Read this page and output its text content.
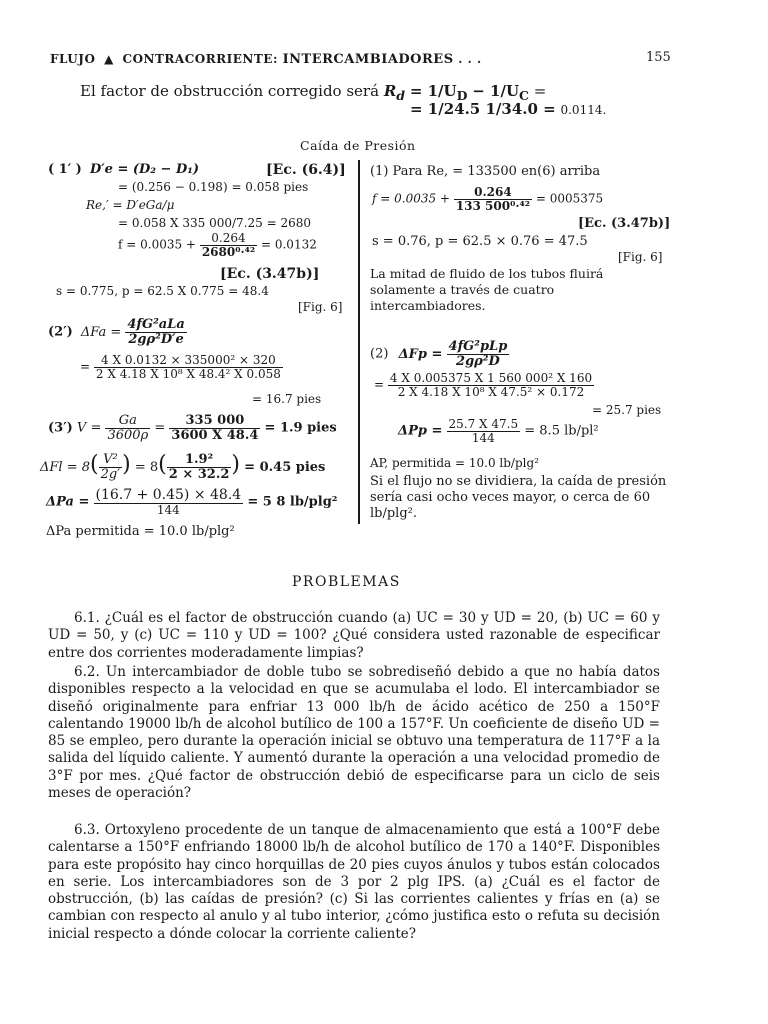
FLUJO ▲ CONTRACORRIENTE: INTERCAMBIADORES . . .	155
El factor de obstrucción corregido será $R_d = 1/U_D - 1/U_C$ =
= 1/24.5 1/34.0 = 0.0114.
Caída de Presión
( 1′ ) D′e = (D₂ − D₁)	[Ec. (6.4)]
= (0.256 − 0.198) = 0.058 pies
Re,′ = D′eGa/μ
= 0.058 X 335 000/7.25 = 2680
$f = 0.0035 + \frac{0.264}{\text{2680⁰·⁴²}} = 0.0132$
[Ec. (3.47b)]
s = 0.775, p = 62.5 X 0.775 = 48.4
[Fig. 6]
(2′) $\Delta Fa = \frac{\text{4fG²aLa}}{\text{2gρ²D′e}}$
= $\frac{\text{4 X 0.0132 × 335000² × 320}}{\text{2 X 4.18 X 10⁸ X 48.4² X 0.058}}$
= 16.7 pies
(3′) $V = \frac{Ga}{3600\rho} = \frac{335 000}{3600 X 48.4} = 1.9$ pies
$\Delta Fl = 8( \frac{\text{V²}}{2g'}$ ) = $8( \frac{\text{1.9²}}{2 \times 32.2}$ ) = 0.45 pies
$\Delta Pa = \frac{(16.7 + 0.45) \times 48.4}{144} = 5$ 8 lb/plg²
ΔPa permitida = 10.0 lb/plg²
(1) Para Re, = 133500 en(6) arriba
$f = 0.0035 + \frac{0.264}{\text{133 500⁰·⁴²}} = 0005375$
[Ec. (3.47b)]
s = 0.76, p = 62.5 × 0.76 = 47.5
[Fig. 6]
La mitad de fluido de los tubos fluirá solamente a través de cuatro intercambiadores.
(2) $\Delta Fp = \frac{\text{4fG²pLp}}{\text{2gρ²D}}$
= $\frac{\text{4 X 0.005375 X 1 560 000² X 160}}{\text{2 X 4.18 X 10⁸ X 47.5² × 0.172}}$
= 25.7 pies
$\Delta Pp = \frac{25.7 X 47.5}{144} = 8.5$ lb/pl²
AP, permitida = 10.0 lb/plg²
Si el flujo no se dividiera, la caída de presión sería casi ocho veces mayor, o cerca de 60 lb/plg².
PROBLEMAS
6.1. ¿Cuál es el factor de obstrucción cuando (a) UC = 30 y UD = 20, (b) UC = 60 y UD = 50, y (c) UC = 110 y UD = 100? ¿Qué considera usted razonable de especificar entre dos corrientes moderadamente limpias?
6.2. Un intercambiador de doble tubo se sobrediseñó debido a que no había datos disponibles respecto a la velocidad en que se acumulaba el lodo. El intercambiador se diseñó originalmente para enfriar 13 000 lb/h de ácido acético de 250 a 150°F calentando 19000 lb/h de alcohol butílico de 100 a 157°F. Un coeficiente de diseño UD = 85 se empleo, pero durante la operación inicial se obtuvo una temperatura de 117°F a la salida del líquido caliente. Y aumentó durante la operación a una velocidad promedio de 3°F por mes. ¿Qué factor de obstrucción debió de especificarse para un ciclo de seis meses de operación?
6.3. Ortoxyleno procedente de un tanque de almacenamiento que está a 100°F debe calentarse a 150°F enfriando 18000 lb/h de alcohol butílico de 170 a 140°F. Disponibles para este propósito hay cinco horquillas de 20 pies cuyos ánulos y tubos están colocados en serie. Los intercambiadores son de 3 por 2 plg IPS. (a) ¿Cuál es el factor de obstrucción, (b) las caídas de presión? (c) Si las corrientes calientes y frías en (a) se cambian con respecto al anulo y al tubo interior, ¿cómo justifica esto o refuta su decisión inicial respecto a dónde colocar la corriente caliente?
